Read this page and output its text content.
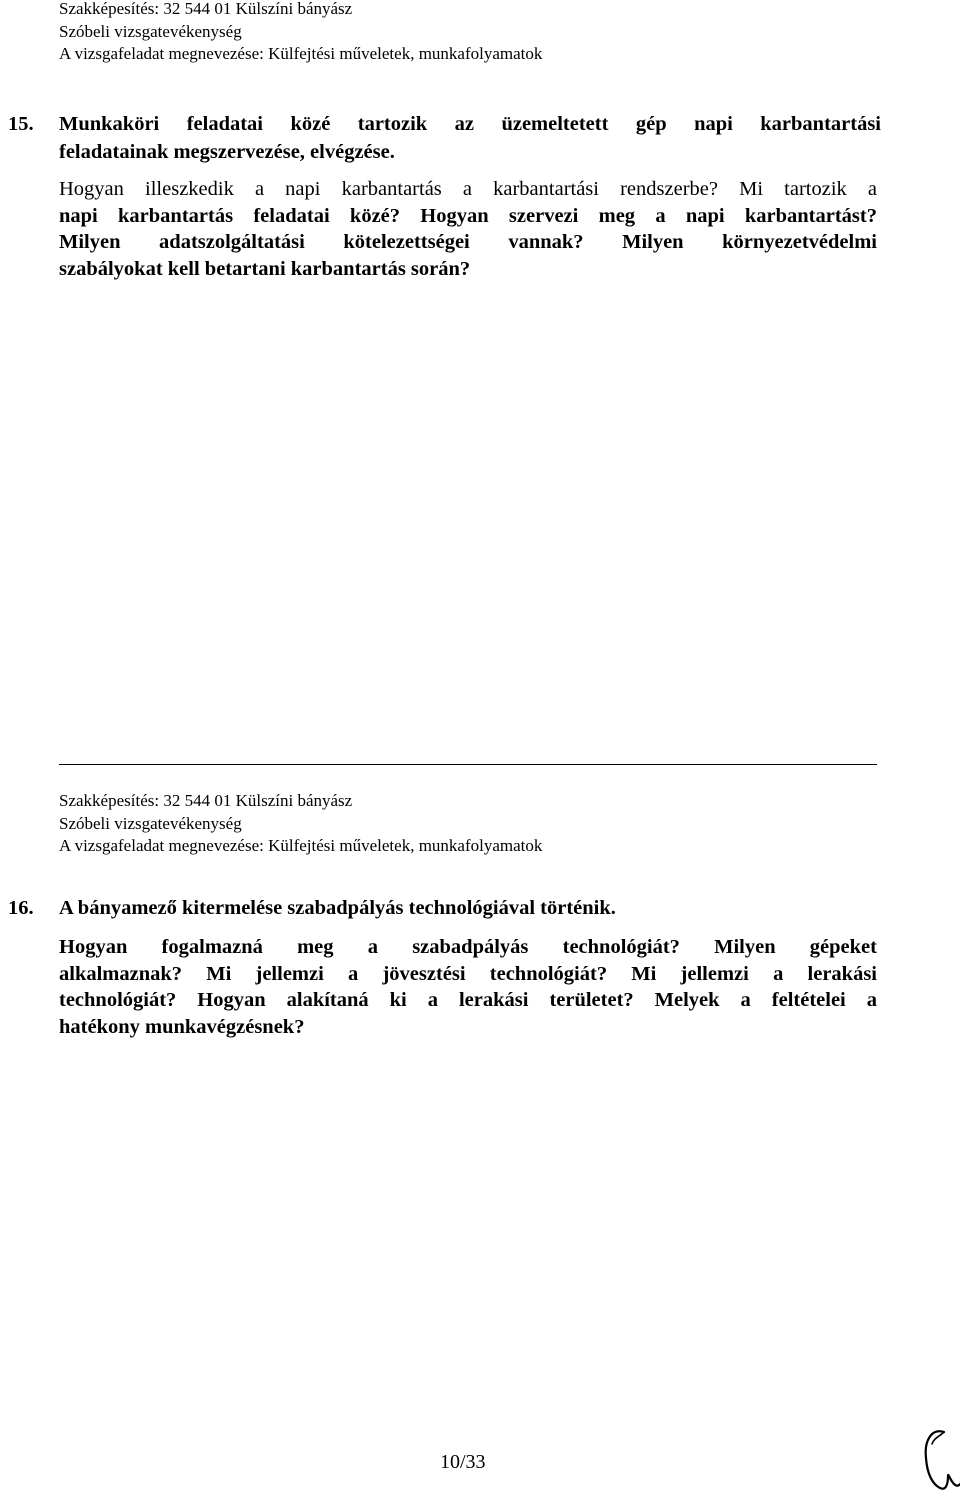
Szakképesítés: 32 544 01 Külszíni bányász
Szóbeli vizsgatevékenység
A vizsgafeladat megnevezése: Külfejtési műveletek, munkafolyamatok
15. Munkaköri feladatai közé tartozik az üzemeltetett gép napi karbantartási
feladatainak megszervezése, elvégzése.
Hogyan illeszkedik a napi karbantartás a karbantartási rendszerbe? Mi tartozik a
napi karbantartás feladatai közé? Hogyan szervezi meg a napi karbantartást?
Milyen adatszolgáltatási kötelezettségei vannak? Milyen környezetvédelmi
szabályokat kell betartani karbantartás során?
Szakképesítés: 32 544 01 Külszíni bányász
Szóbeli vizsgatevékenység
A vizsgafeladat megnevezése: Külfejtési műveletek, munkafolyamatok
16. A bányamező kitermelése szabadpályás technológiával történik.
Hogyan fogalmazná meg a szabadpályás technológiát? Milyen gépeket
alkalmaznak? Mi jellemzi a jövesztési technológiát? Mi jellemzi a lerakási
technológiát? Hogyan alakítaná ki a lerakási területet? Melyek a feltételei a
hatékony munkavégzésnek?
10/33
